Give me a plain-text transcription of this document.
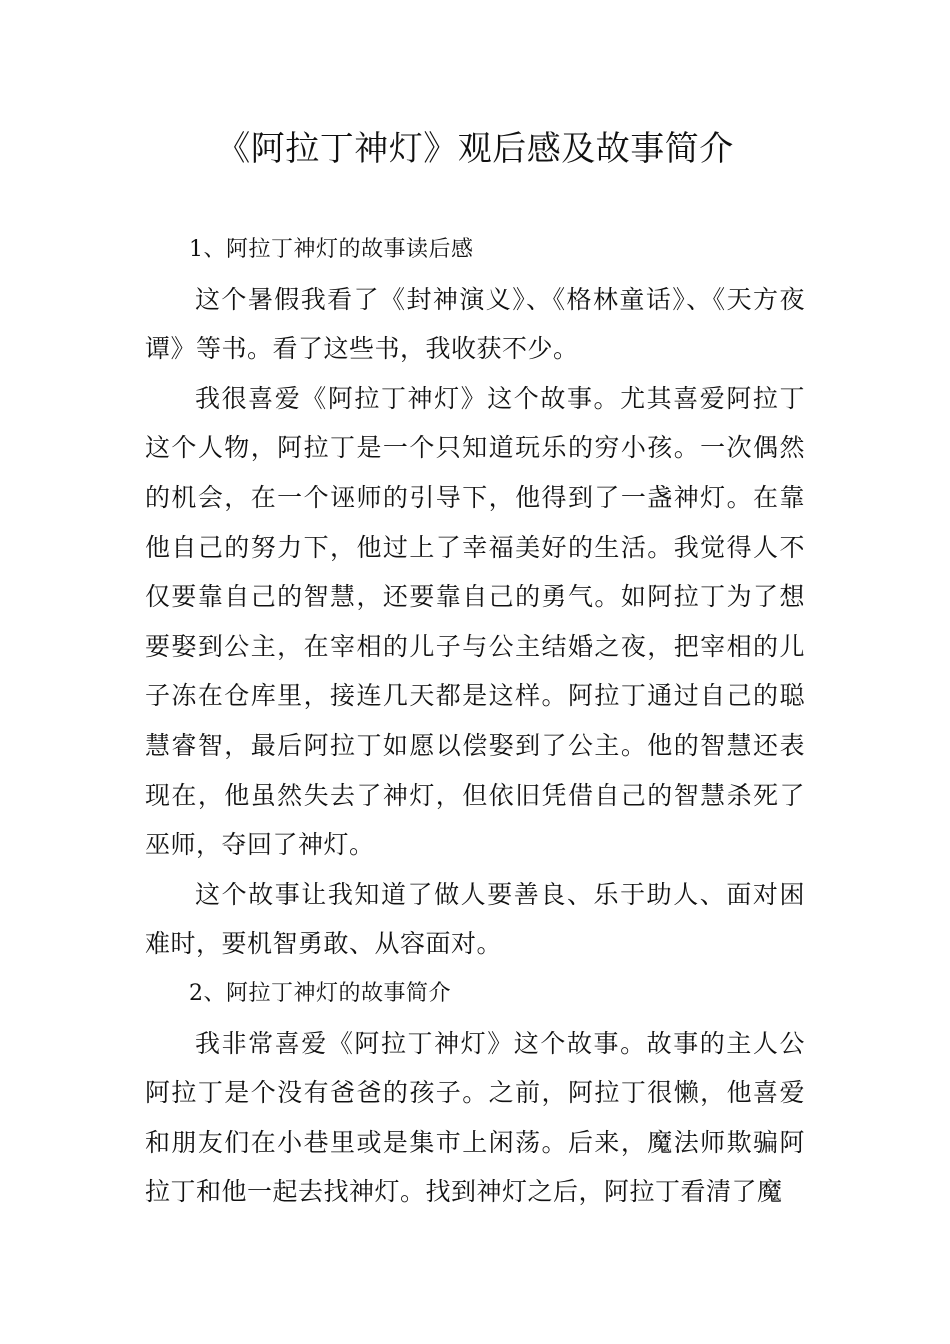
《阿拉丁神灯》观后感及故事简介

1、阿拉丁神灯的故事读后感

这个暑假我看了《封神演义》、《格林童话》、《天方夜谭》等书。看了这些书，我收获不少。

我很喜爱《阿拉丁神灯》这个故事。尤其喜爱阿拉丁这个人物，阿拉丁是一个只知道玩乐的穷小孩。一次偶然的机会，在一个诬师的引导下，他得到了一盏神灯。在靠他自己的努力下，他过上了幸福美好的生活。我觉得人不仅要靠自己的智慧，还要靠自己的勇气。如阿拉丁为了想要娶到公主，在宰相的儿子与公主结婚之夜，把宰相的儿子冻在仓库里，接连几天都是这样。阿拉丁通过自己的聪慧睿智，最后阿拉丁如愿以偿娶到了公主。他的智慧还表现在，他虽然失去了神灯，但依旧凭借自己的智慧杀死了巫师，夺回了神灯。

这个故事让我知道了做人要善良、乐于助人、面对困难时，要机智勇敢、从容面对。

2、阿拉丁神灯的故事简介

我非常喜爱《阿拉丁神灯》这个故事。故事的主人公阿拉丁是个没有爸爸的孩子。之前，阿拉丁很懒，他喜爱和朋友们在小巷里或是集市上闲荡。后来，魔法师欺骗阿拉丁和他一起去找神灯。找到神灯之后，阿拉丁看清了魔
